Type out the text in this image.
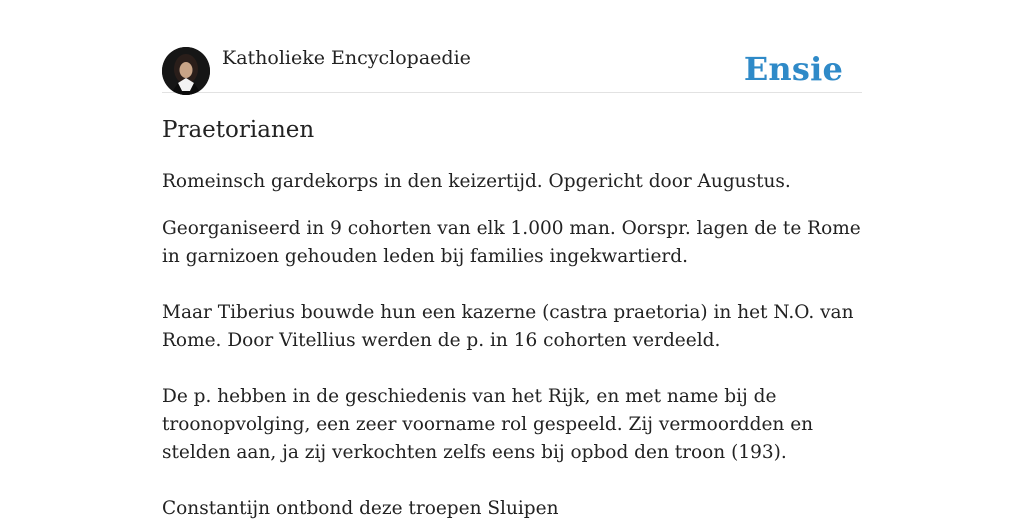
Katholieke Encyclopaedie	Ensie
Praetorianen

Romeinsch gardekorps in den keizertijd. Opgericht door Augustus.

Georganiseerd in 9 cohorten van elk 1.000 man. Oorspr. lagen de te Rome in garnizoen gehouden leden bij families ingekwartierd.

Maar Tiberius bouwde hun een kazerne (castra praetoria) in het N.O. van Rome. Door Vitellius werden de p. in 16 cohorten verdeeld.

De p. hebben in de geschiedenis van het Rijk, en met name bij de troonopvolging, een zeer voorname rol gespeeld. Zij vermoordden en stelden aan, ja zij verkochten zelfs eens bij opbod den troon (193).

Constantijn ontbond deze troepen Sluipen
